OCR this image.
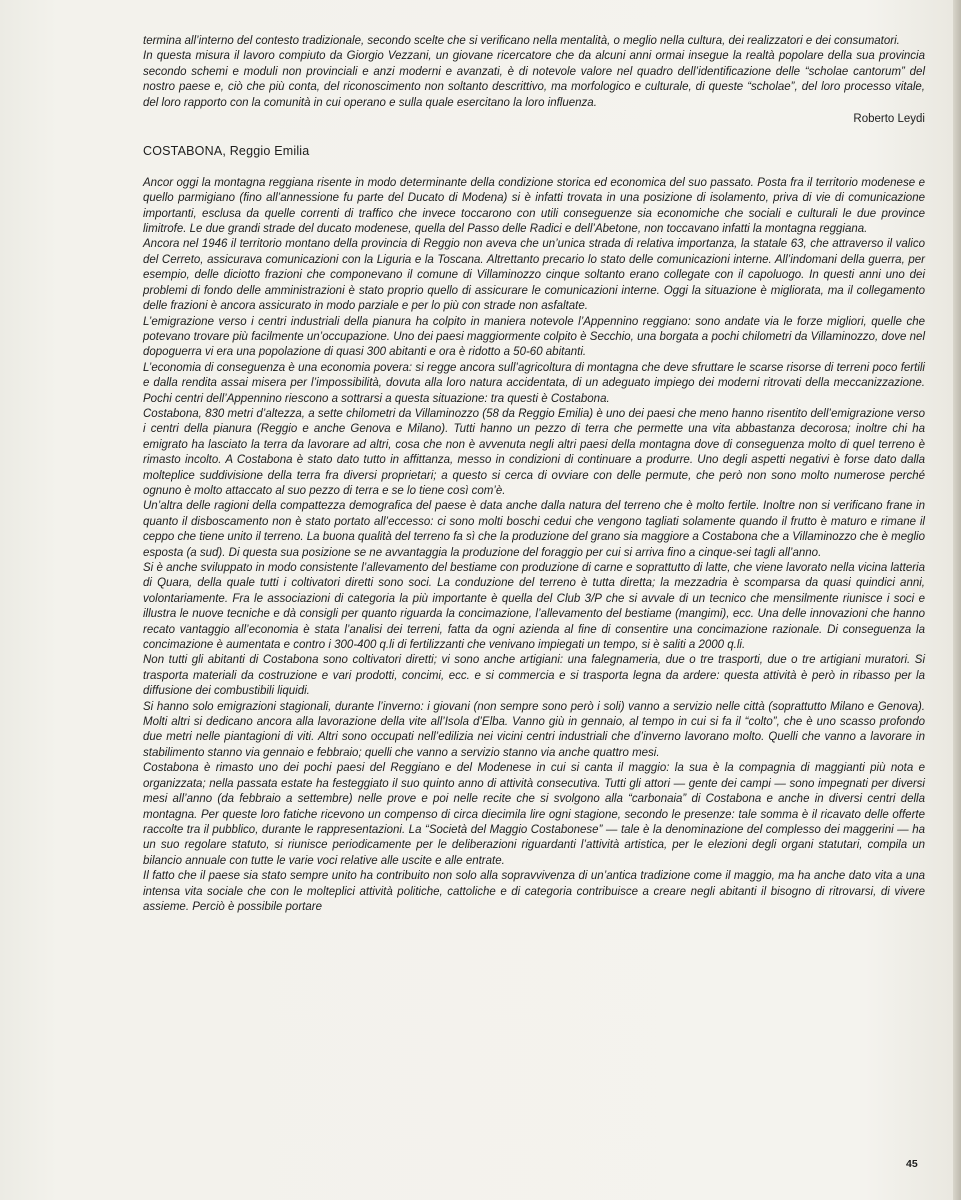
termina all’interno del contesto tradizionale, secondo scelte che si verificano nella mentalità, o meglio nella cultura, dei realizzatori e dei consumatori.

In questa misura il lavoro compiuto da Giorgio Vezzani, un giovane ricercatore che da alcuni anni ormai insegue la realtà popolare della sua provincia secondo schemi e moduli non provinciali e anzi moderni e avanzati, è di notevole valore nel quadro dell’identificazione delle “scholae cantorum” del nostro paese e, ciò che più conta, del riconoscimento non soltanto descrittivo, ma morfologico e culturale, di queste “scholae”, del loro processo vitale, del loro rapporto con la comunità in cui operano e sulla quale esercitano la loro influenza.

Roberto Leydi
COSTABONA, Reggio Emilia

Ancor oggi la montagna reggiana risente in modo determinante della condizione storica ed economica del suo passato. Posta fra il territorio modenese e quello parmigiano (fino all’annessione fu parte del Ducato di Modena) si è infatti trovata in una posizione di isolamento, priva di vie di comunicazione importanti, esclusa da quelle correnti di traffico che invece toccarono con utili conseguenze sia economiche che sociali e culturali le due province limitrofe. Le due grandi strade del ducato modenese, quella del Passo delle Radici e dell’Abetone, non toccavano infatti la montagna reggiana.

Ancora nel 1946 il territorio montano della provincia di Reggio non aveva che un’unica strada di relativa importanza, la statale 63, che attraverso il valico del Cerreto, assicurava comunicazioni con la Liguria e la Toscana. Altrettanto precario lo stato delle comunicazioni interne. All’indomani della guerra, per esempio, delle diciotto frazioni che componevano il comune di Villaminozzo cinque soltanto erano collegate con il capoluogo. In questi anni uno dei problemi di fondo delle amministrazioni è stato proprio quello di assicurare le comunicazioni interne. Oggi la situazione è migliorata, ma il collegamento delle frazioni è ancora assicurato in modo parziale e per lo più con strade non asfaltate.

L’emigrazione verso i centri industriali della pianura ha colpito in maniera notevole l’Appennino reggiano: sono andate via le forze migliori, quelle che potevano trovare più facilmente un’occupazione. Uno dei paesi maggiormente colpito è Secchio, una borgata a pochi chilometri da Villaminozzo, dove nel dopoguerra vi era una popolazione di quasi 300 abitanti e ora è ridotto a 50-60 abitanti.

L’economia di conseguenza è una economia povera: si regge ancora sull’agricoltura di montagna che deve sfruttare le scarse risorse di terreni poco fertili e dalla rendita assai misera per l’impossibilità, dovuta alla loro natura accidentata, di un adeguato impiego dei moderni ritrovati della meccanizzazione. Pochi centri dell’Appennino riescono a sottrarsi a questa situazione: tra questi è Costabona.

Costabona, 830 metri d’altezza, a sette chilometri da Villaminozzo (58 da Reggio Emilia) è uno dei paesi che meno hanno risentito dell’emigrazione verso i centri della pianura (Reggio e anche Genova e Milano). Tutti hanno un pezzo di terra che permette una vita abbastanza decorosa; inoltre chi ha emigrato ha lasciato la terra da lavorare ad altri, cosa che non è avvenuta negli altri paesi della montagna dove di conseguenza molto di quel terreno è rimasto incolto. A Costabona è stato dato tutto in affittanza, messo in condizioni di continuare a produrre. Uno degli aspetti negativi è forse dato dalla molteplice suddivisione della terra fra diversi proprietari; a questo si cerca di ovviare con delle permute, che però non sono molto numerose perché ognuno è molto attaccato al suo pezzo di terra e se lo tiene così com’è.

Un’altra delle ragioni della compattezza demografica del paese è data anche dalla natura del terreno che è molto fertile. Inoltre non si verificano frane in quanto il disboscamento non è stato portato all’eccesso: ci sono molti boschi cedui che vengono tagliati solamente quando il frutto è maturo e rimane il ceppo che tiene unito il terreno. La buona qualità del terreno fa sì che la produzione del grano sia maggiore a Costabona che a Villaminozzo che è meglio esposta (a sud). Di questa sua posizione se ne avvantaggia la produzione del foraggio per cui si arriva fino a cinque-sei tagli all’anno.

Si è anche sviluppato in modo consistente l’allevamento del bestiame con produzione di carne e soprattutto di latte, che viene lavorato nella vicina latteria di Quara, della quale tutti i coltivatori diretti sono soci. La conduzione del terreno è tutta diretta; la mezzadria è scomparsa da quasi quindici anni, volontariamente. Fra le associazioni di categoria la più importante è quella del Club 3/P che si avvale di un tecnico che mensilmente riunisce i soci e illustra le nuove tecniche e dà consigli per quanto riguarda la concimazione, l’allevamento del bestiame (mangimi), ecc. Una delle innovazioni che hanno recato vantaggio all’economia è stata l’analisi dei terreni, fatta da ogni azienda al fine di consentire una concimazione razionale. Di conseguenza la concimazione è aumentata e contro i 300-400 q.li di fertilizzanti che venivano impiegati un tempo, si è saliti a 2000 q.li.

Non tutti gli abitanti di Costabona sono coltivatori diretti; vi sono anche artigiani: una falegnameria, due o tre trasporti, due o tre artigiani muratori. Si trasporta materiali da costruzione e vari prodotti, concimi, ecc. e si commercia e si trasporta legna da ardere: questa attività è però in ribasso per la diffusione dei combustibili liquidi.

Si hanno solo emigrazioni stagionali, durante l’inverno: i giovani (non sempre sono però i soli) vanno a servizio nelle città (soprattutto Milano e Genova). Molti altri si dedicano ancora alla lavorazione della vite all’Isola d’Elba. Vanno giù in gennaio, al tempo in cui si fa il “colto”, che è uno scasso profondo due metri nelle piantagioni di viti. Altri sono occupati nell’edilizia nei vicini centri industriali che d’inverno lavorano molto. Quelli che vanno a lavorare in stabilimento stanno via gennaio e febbraio; quelli che vanno a servizio stanno via anche quattro mesi.

Costabona è rimasto uno dei pochi paesi del Reggiano e del Modenese in cui si canta il maggio: la sua è la compagnia di maggianti più nota e organizzata; nella passata estate ha festeggiato il suo quinto anno di attività consecutiva. Tutti gli attori — gente dei campi — sono impegnati per diversi mesi all’anno (da febbraio a settembre) nelle prove e poi nelle recite che si svolgono alla “carbonaia” di Costabona e anche in diversi centri della montagna. Per queste loro fatiche ricevono un compenso di circa diecimila lire ogni stagione, secondo le presenze: tale somma è il ricavato delle offerte raccolte tra il pubblico, durante le rappresentazioni. La “Società del Maggio Costabonese” — tale è la denominazione del complesso dei maggerini — ha un suo regolare statuto, si riunisce periodicamente per le deliberazioni riguardanti l’attività artistica, per le elezioni degli organi statutari, compila un bilancio annuale con tutte le varie voci relative alle uscite e alle entrate.

Il fatto che il paese sia stato sempre unito ha contribuito non solo alla sopravvivenza di un’antica tradizione come il maggio, ma ha anche dato vita a una intensa vita sociale che con le molteplici attività politiche, cattoliche e di categoria contribuisce a creare negli abitanti il bisogno di ritrovarsi, di vivere assieme. Perciò è possibile portare

45
